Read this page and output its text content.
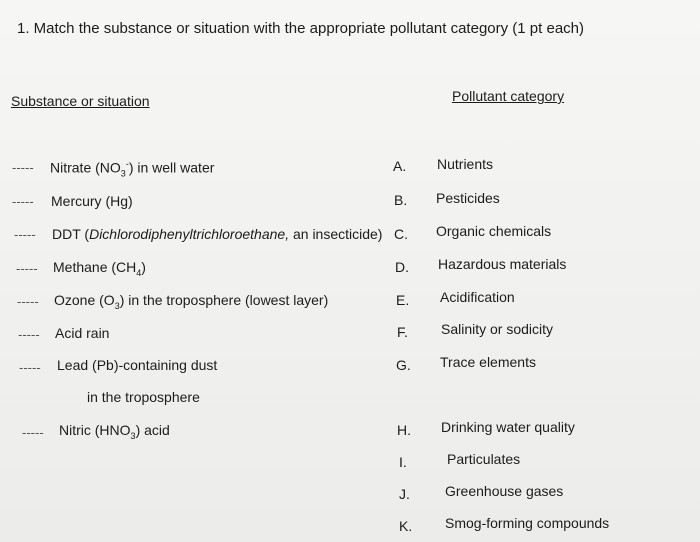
1. Match the substance or situation with the appropriate pollutant category (1 pt each)
Substance or situation	Pollutant category
----- Nitrate $(NO_3^-)$ in well water
----- Mercury (Hg)
----- DDT (Dichlorodiphenyltrichloroethane, an insecticide)
----- Methane $(CH_4)$
----- Ozone $(O_3)$ in the troposphere (lowest layer)
----- Acid rain
----- Lead (Pb)-containing dust
in the troposphere
----- Nitric $(HNO_3)$ acid
A.	Nutrients
B.	Pesticides
C.	Organic chemicals
D.	Hazardous materials
E.	Acidification
F.	Salinity or sodicity
G.	Trace elements
H.	Drinking water quality
I.	Particulates
J.	Greenhouse gases
K.	Smog-forming compounds
